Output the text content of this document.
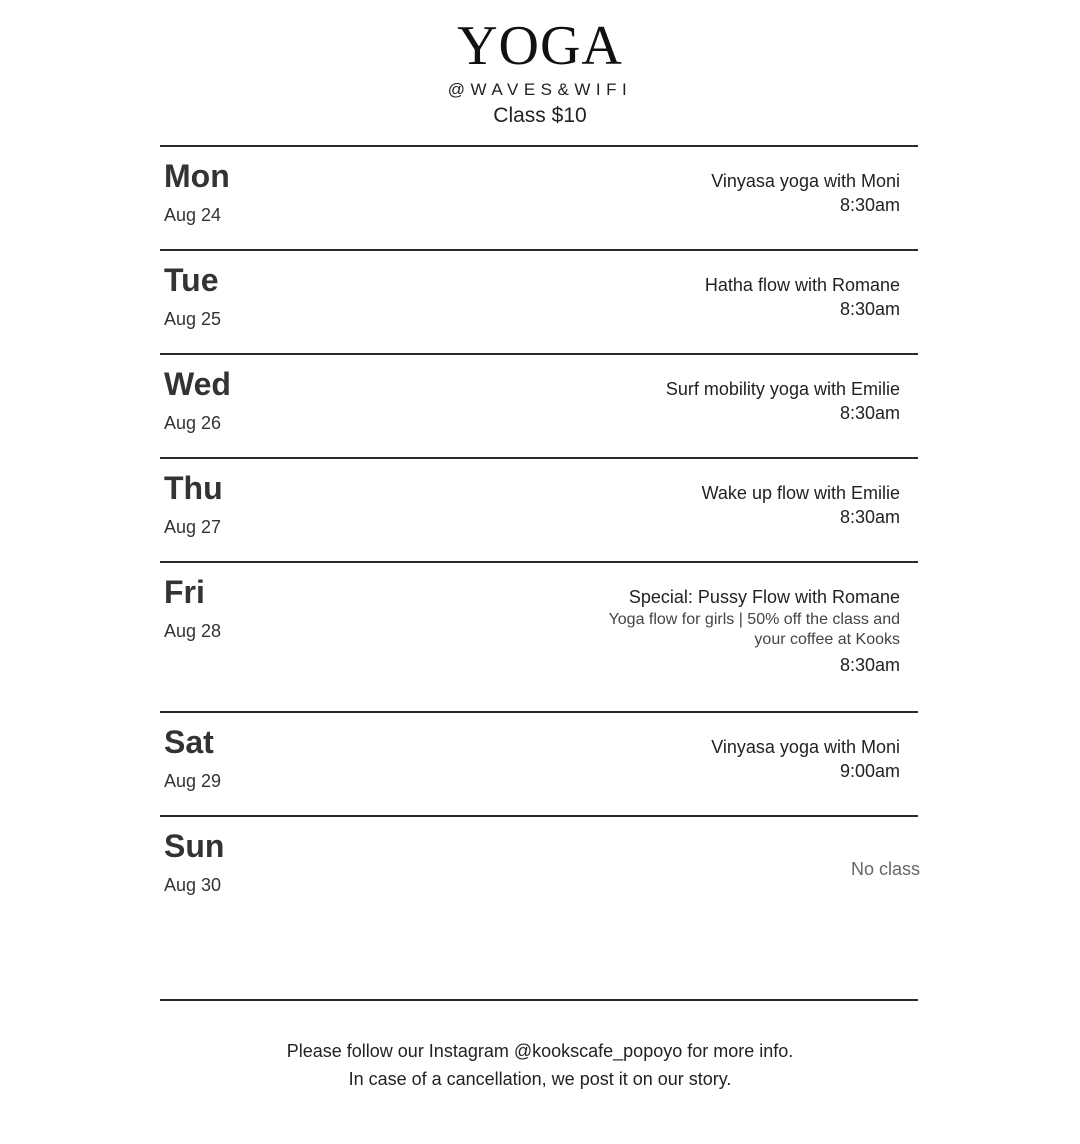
YOGA
@WAVES&WIFI
Class $10
Mon
Aug 24
Vinyasa yoga with Moni
8:30am
Tue
Aug 25
Hatha flow with Romane
8:30am
Wed
Aug 26
Surf mobility yoga with Emilie
8:30am
Thu
Aug 27
Wake up flow with Emilie
8:30am
Fri
Aug 28
Special: Pussy Flow with Romane
Yoga flow for girls | 50% off the class and
your coffee at Kooks
8:30am
Sat
Aug 29
Vinyasa yoga with Moni
9:00am
Sun
Aug 30
No class
Please follow our Instagram @kookscafe_popoyo for more info.
In case of a cancellation, we post it on our story.
